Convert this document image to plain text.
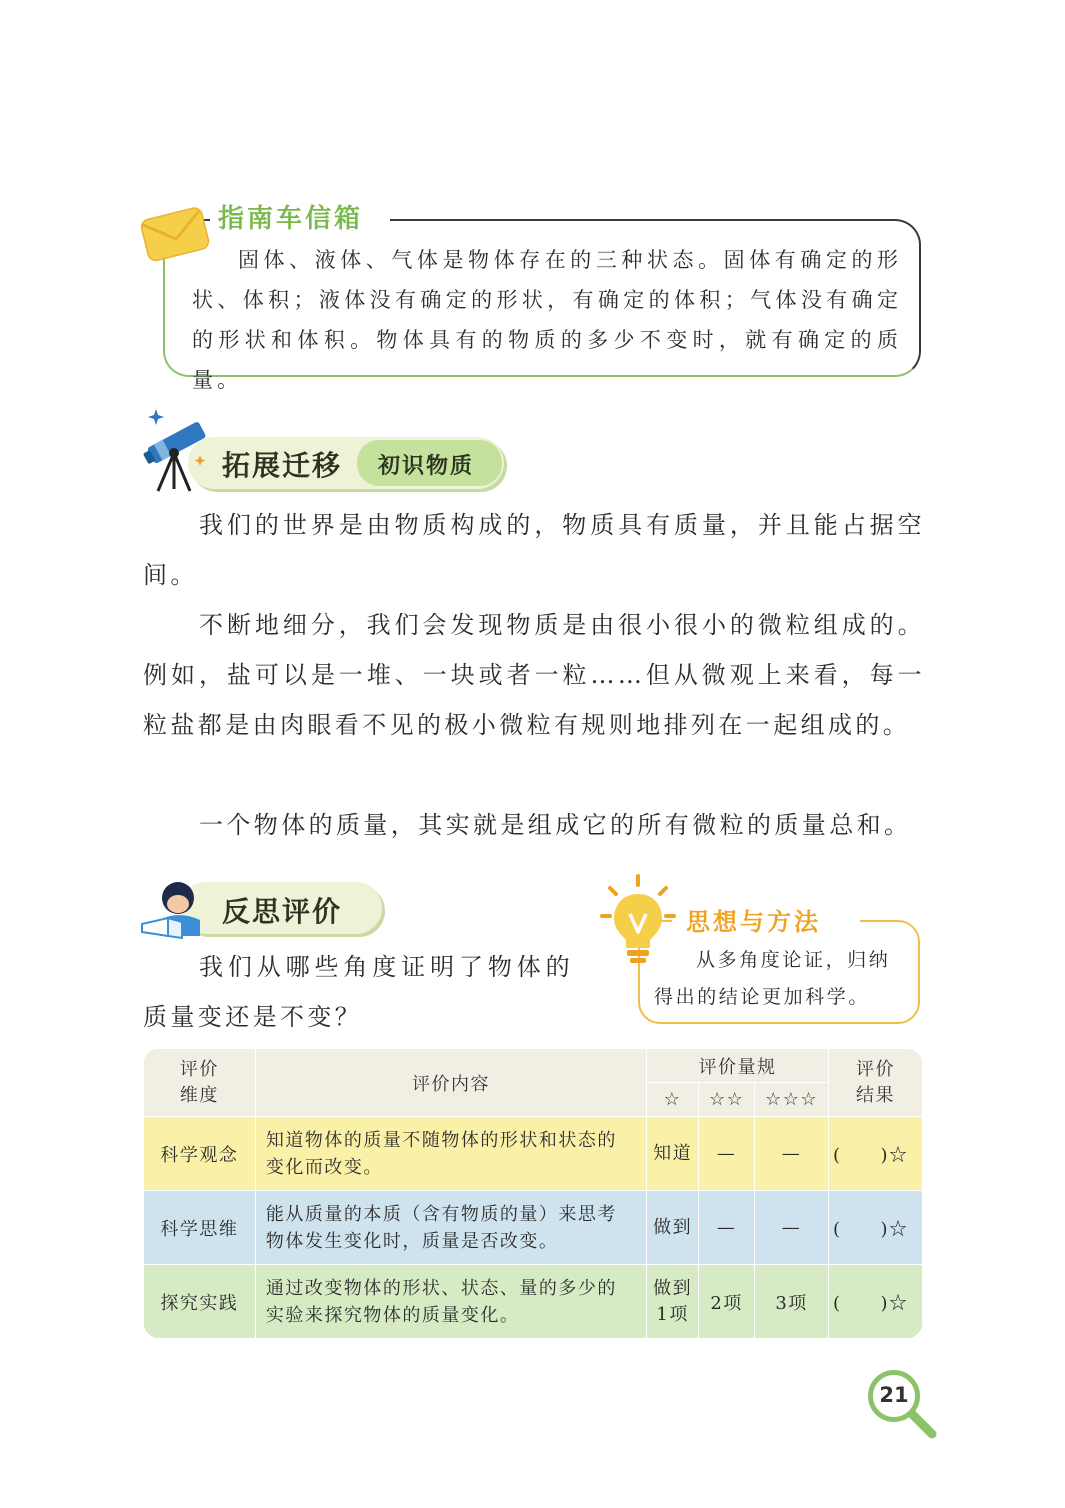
指南车信箱
固体、液体、气体是物体存在的三种状态。固体有确定的形状、体积；液体没有确定的形状，有确定的体积；气体没有确定的形状和体积。物体具有的物质的多少不变时，就有确定的质量。
拓展迁移 初识物质

我们的世界是由物质构成的，物质具有质量，并且能占据空间。

不断地细分，我们会发现物质是由很小很小的微粒组成的。例如，盐可以是一堆、一块或者一粒……但从微观上来看，每一粒盐都是由肉眼看不见的极小微粒有规则地排列在一起组成的。

一个物体的质量，其实就是组成它的所有微粒的质量总和。

反思评价

我们从哪些角度证明了物体的质量变还是不变？

思想与方法
从多角度论证，归纳得出的结论更加科学。
评价维度	评价内容	评价量规			评价结果

		☆	☆☆	☆☆☆	
科学观念	知道物体的质量不随物体的形状和状态的变化而改变。	知道	—	—	(　　)☆
科学思维	能从质量的本质（含有物质的量）来思考物体发生变化时，质量是否改变。	做到	—	—	(　　)☆
探究实践	通过改变物体的形状、状态、量的多少的实验来探究物体的质量变化。	做到1项	2项	3项	(　　)☆
21
